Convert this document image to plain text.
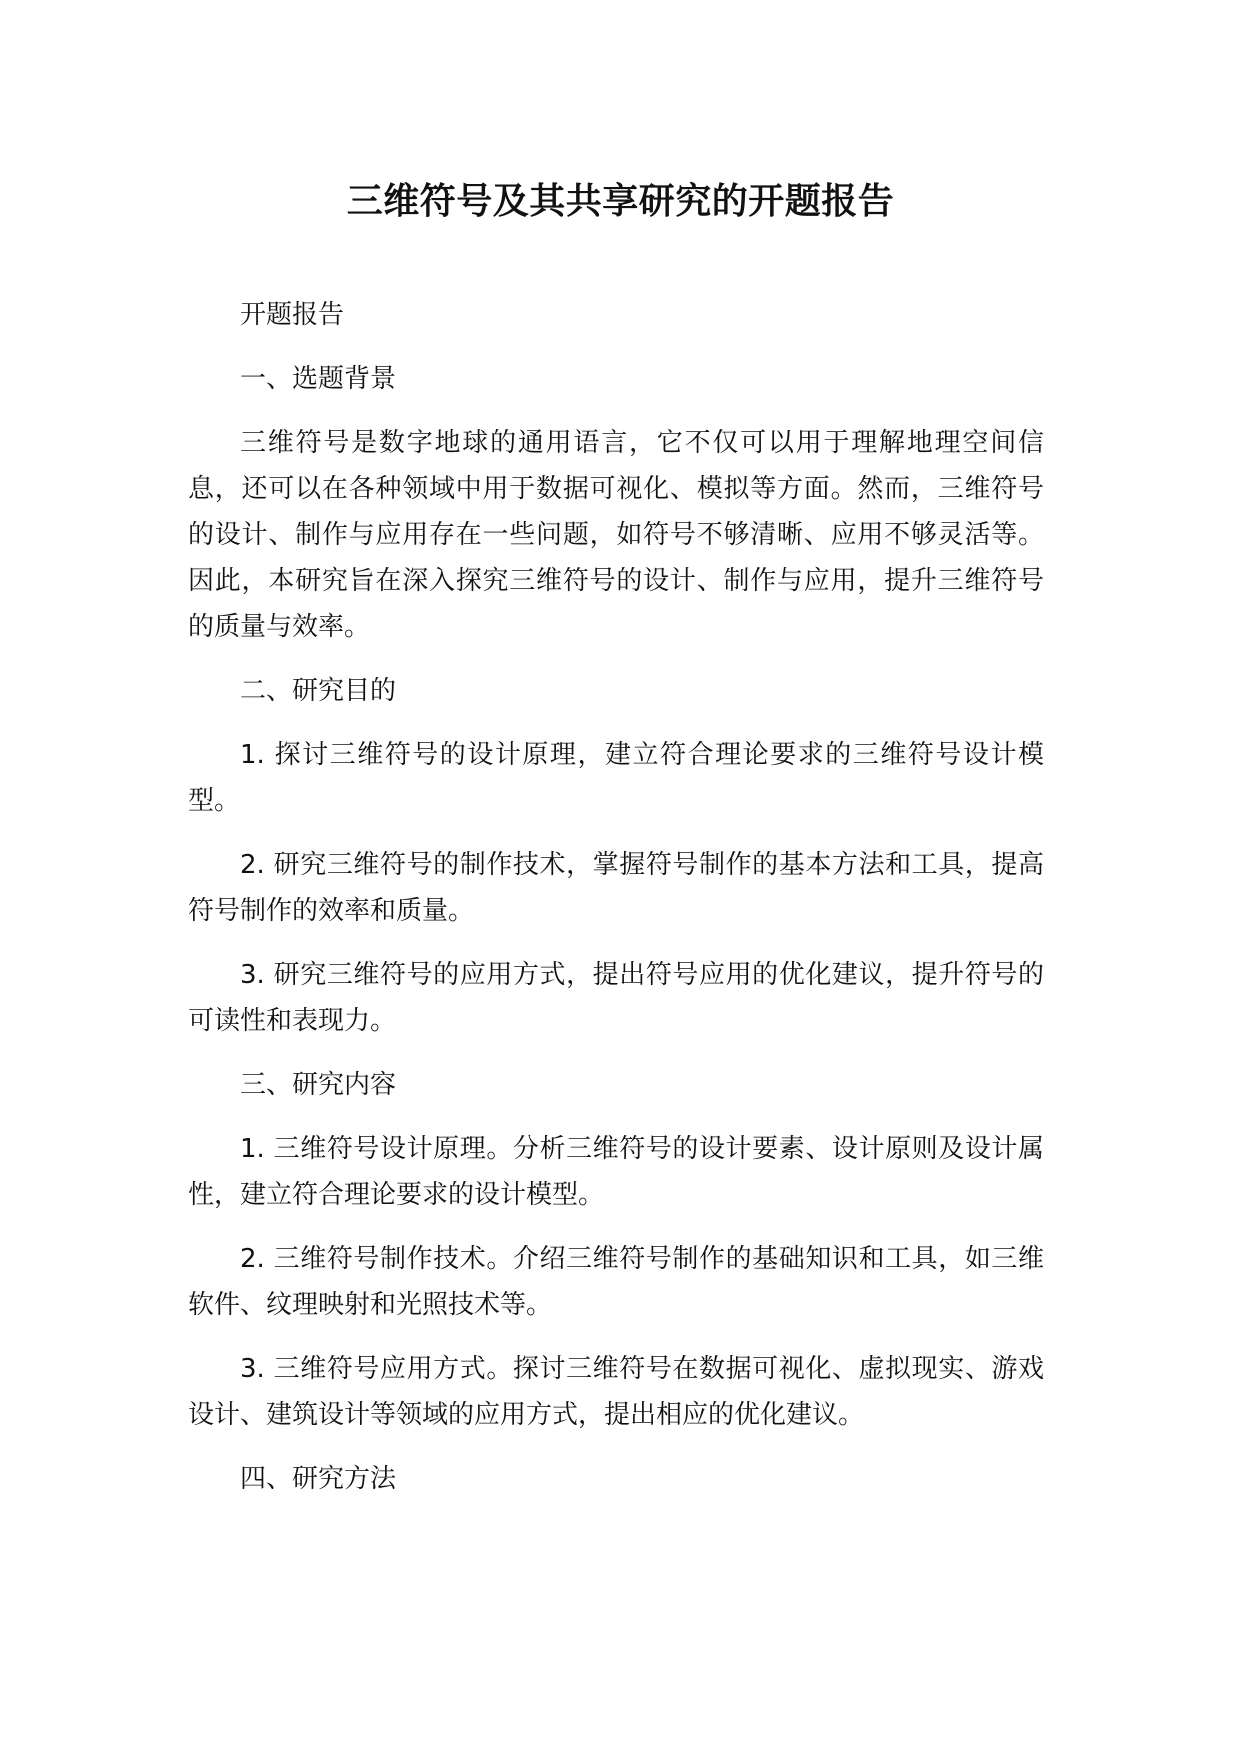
三维符号及其共享研究的开题报告

开题报告

一、选题背景

三维符号是数字地球的通用语言，它不仅可以用于理解地理空间信息，还可以在各种领域中用于数据可视化、模拟等方面。然而，三维符号的设计、制作与应用存在一些问题，如符号不够清晰、应用不够灵活等。因此，本研究旨在深入探究三维符号的设计、制作与应用，提升三维符号的质量与效率。

二、研究目的

1. 探讨三维符号的设计原理，建立符合理论要求的三维符号设计模型。

2. 研究三维符号的制作技术，掌握符号制作的基本方法和工具，提高符号制作的效率和质量。

3. 研究三维符号的应用方式，提出符号应用的优化建议，提升符号的可读性和表现力。

三、研究内容

1. 三维符号设计原理。分析三维符号的设计要素、设计原则及设计属性，建立符合理论要求的设计模型。

2. 三维符号制作技术。介绍三维符号制作的基础知识和工具，如三维软件、纹理映射和光照技术等。

3. 三维符号应用方式。探讨三维符号在数据可视化、虚拟现实、游戏设计、建筑设计等领域的应用方式，提出相应的优化建议。

四、研究方法
